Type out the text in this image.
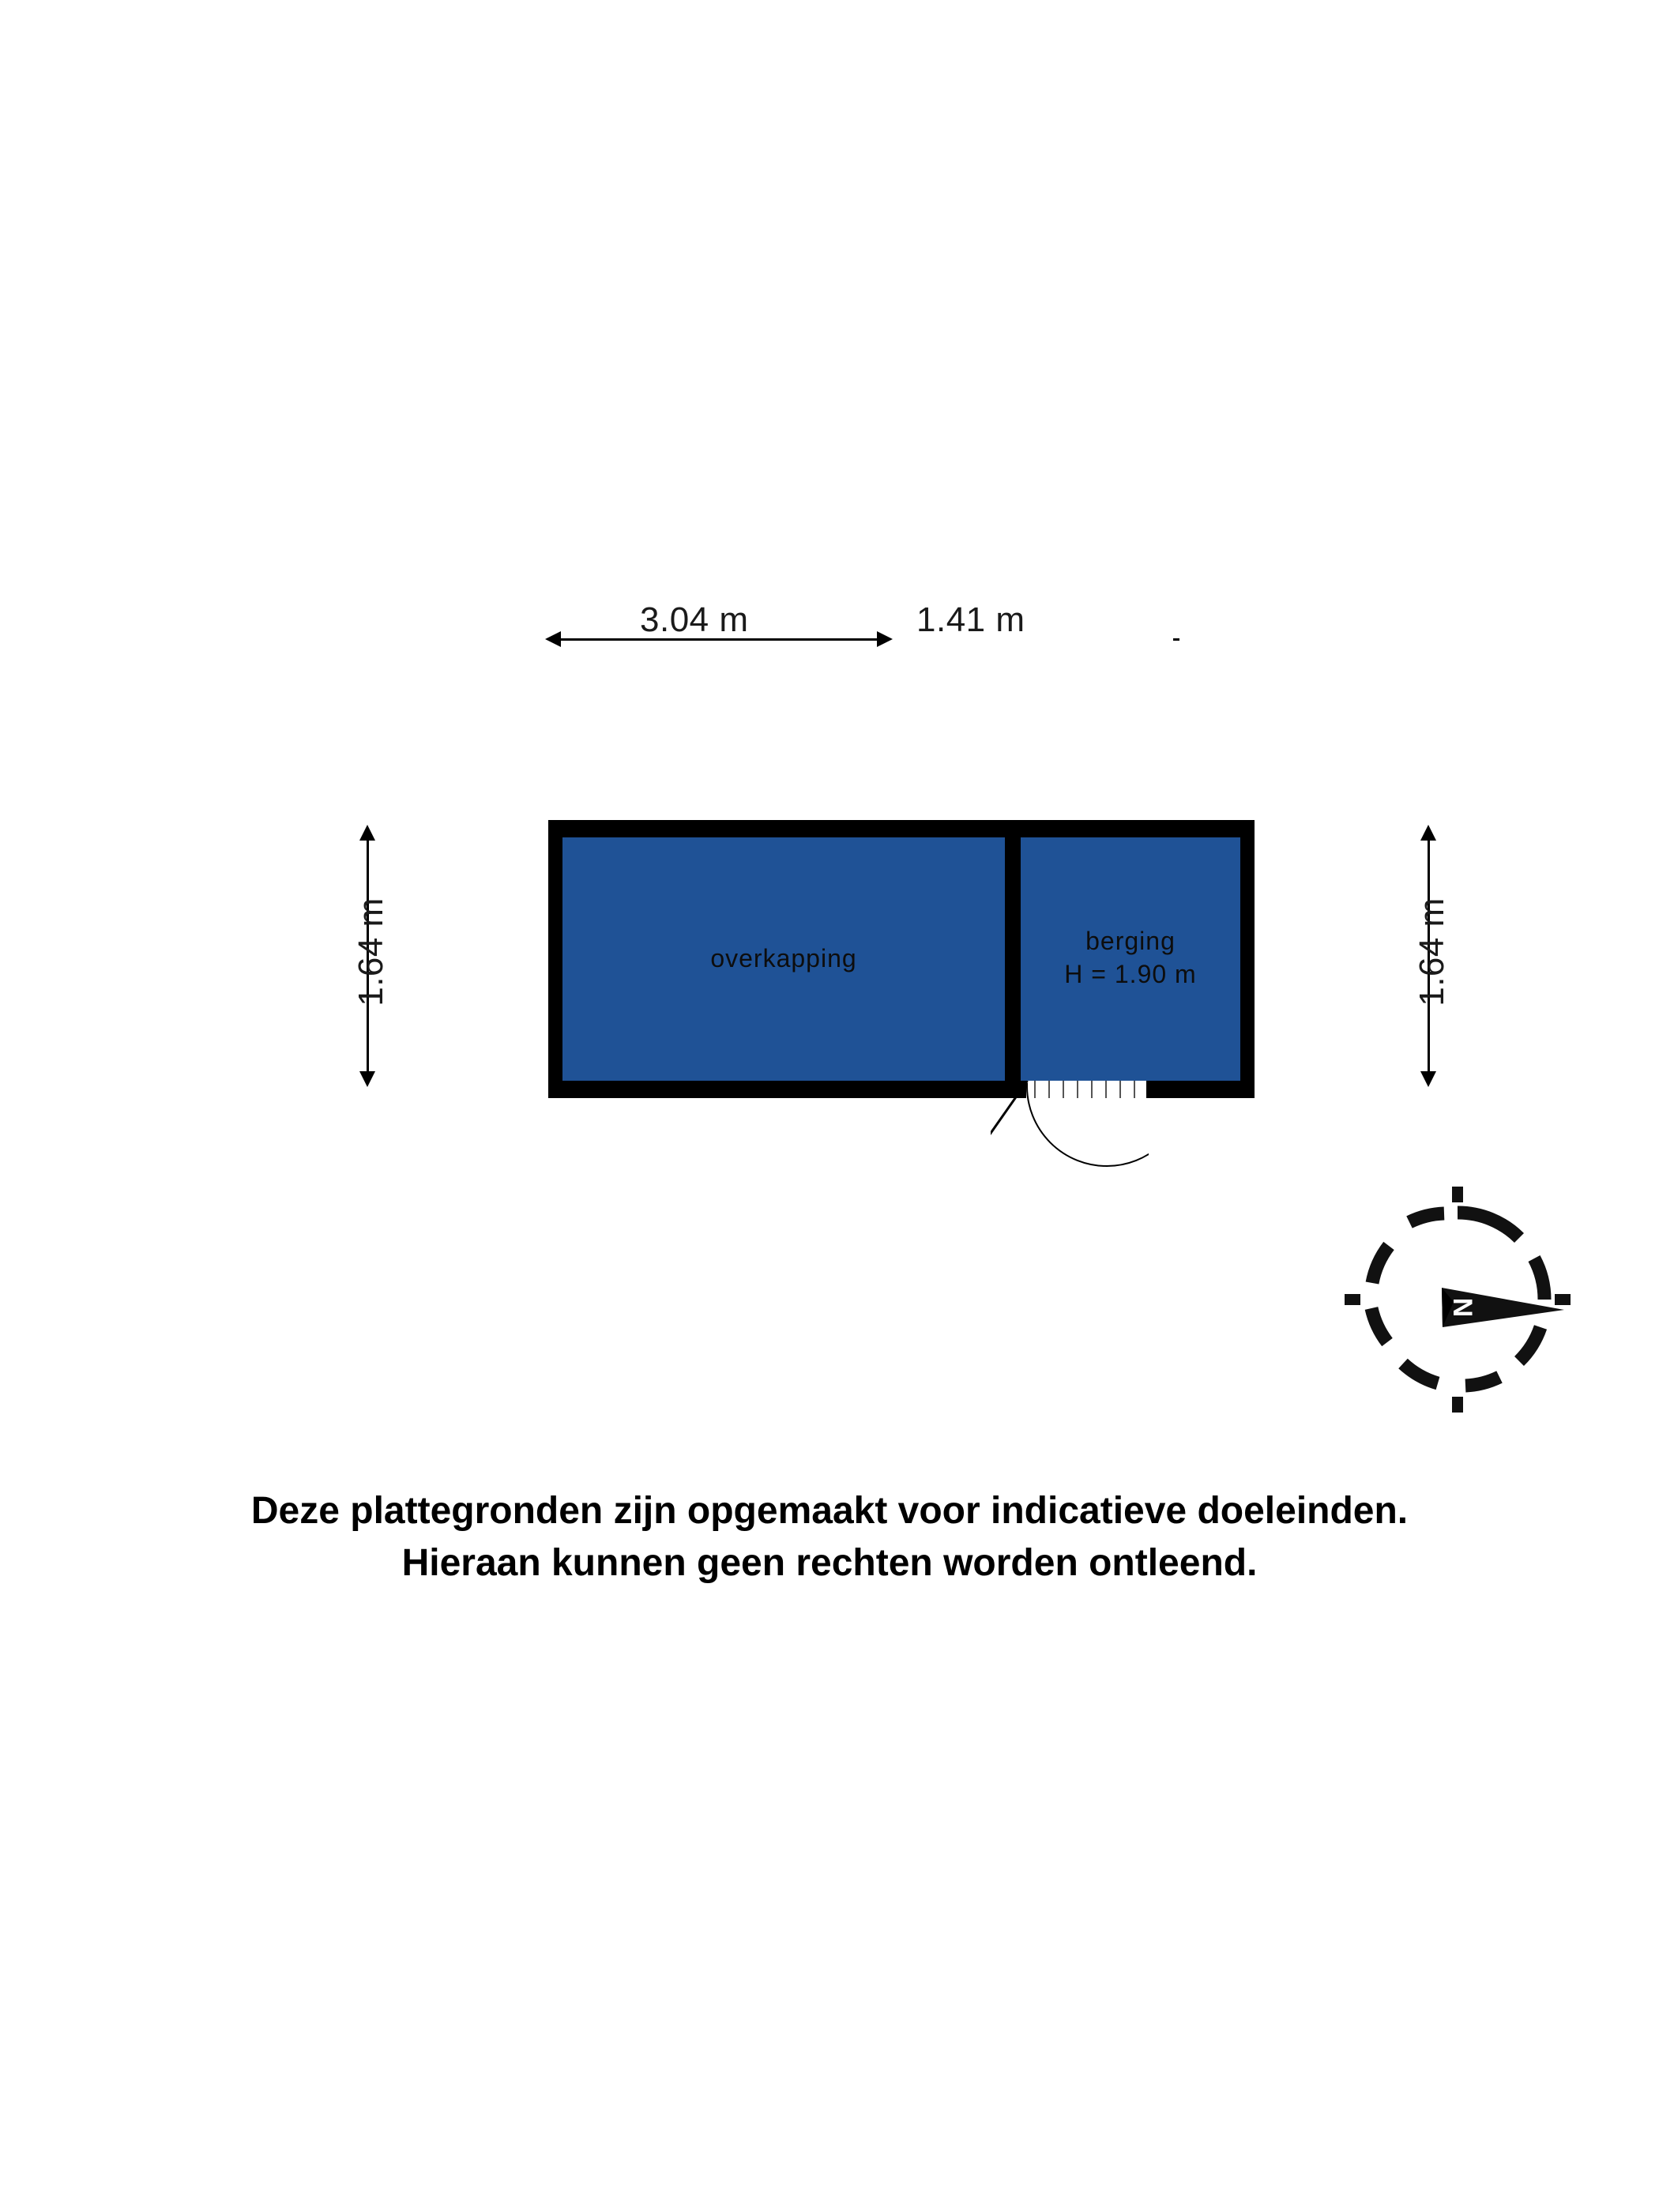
3.04 m	1.41 m
1.64 m	1.64 m
overkapping
berging
H = 1.90 m
N
Deze plattegronden zijn opgemaakt voor indicatieve doeleinden.
Hieraan kunnen geen rechten worden ontleend.
